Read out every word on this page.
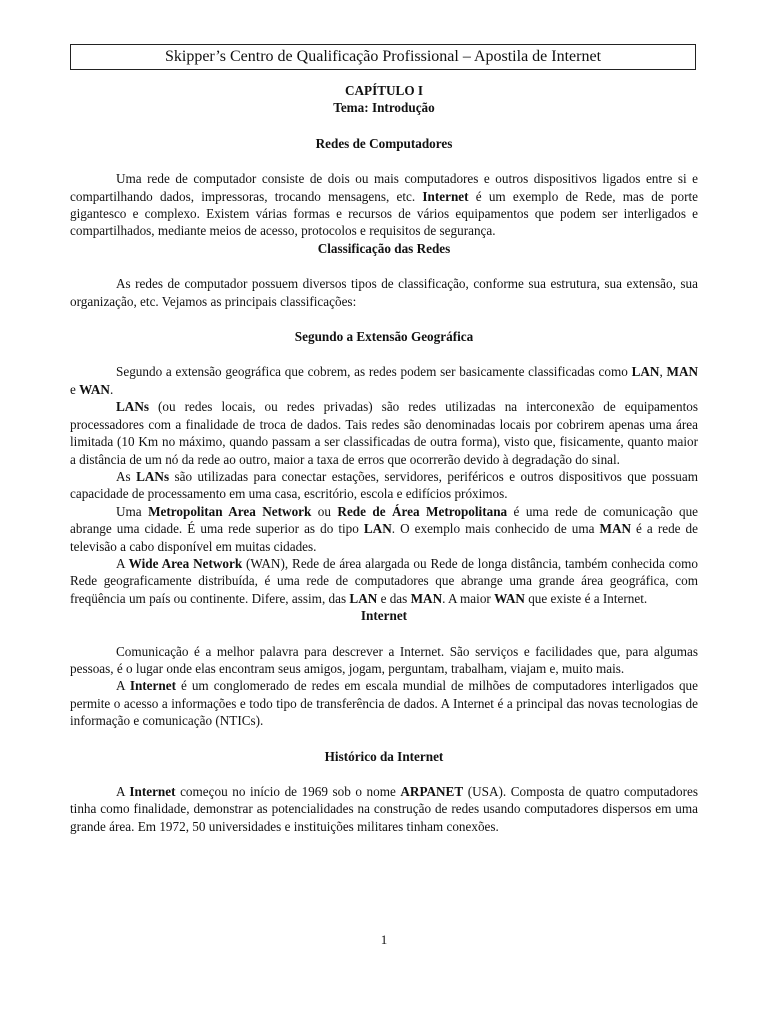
Skipper’s Centro de Qualificação Profissional – Apostila de Internet
CAPÍTULO I
Tema: Introdução
Redes de Computadores

Uma rede de computador consiste de dois ou mais computadores e outros dispositivos ligados entre si e compartilhando dados, impressoras, trocando mensagens, etc. Internet é um exemplo de Rede, mas de porte gigantesco e complexo. Existem várias formas e recursos de vários equipamentos que podem ser interligados e compartilhados, mediante meios de acesso, protocolos e requisitos de segurança.

Classificação das Redes

As redes de computador possuem diversos tipos de classificação, conforme sua estrutura, sua extensão, sua organização, etc. Vejamos as principais classificações:

Segundo a Extensão Geográfica

Segundo a extensão geográfica que cobrem, as redes podem ser basicamente classificadas como LAN, MAN e WAN.

LANs (ou redes locais, ou redes privadas) são redes utilizadas na interconexão de equipamentos processadores com a finalidade de troca de dados. Tais redes são denominadas locais por cobrirem apenas uma área limitada (10 Km no máximo, quando passam a ser classificadas de outra forma), visto que, fisicamente, quanto maior a distância de um nó da rede ao outro, maior a taxa de erros que ocorrerão devido à degradação do sinal.

As LANs são utilizadas para conectar estações, servidores, periféricos e outros dispositivos que possuam capacidade de processamento em uma casa, escritório, escola e edifícios próximos.

Uma Metropolitan Area Network ou Rede de Área Metropolitana é uma rede de comunicação que abrange uma cidade. É uma rede superior as do tipo LAN. O exemplo mais conhecido de uma MAN é a rede de televisão a cabo disponível em muitas cidades.

A Wide Area Network (WAN), Rede de área alargada ou Rede de longa distância, também conhecida como Rede geograficamente distribuída, é uma rede de computadores que abrange uma grande área geográfica, com freqüência um país ou continente. Difere, assim, das LAN e das MAN. A maior WAN que existe é a Internet.

Internet

Comunicação é a melhor palavra para descrever a Internet. São serviços e facilidades que, para algumas pessoas, é o lugar onde elas encontram seus amigos, jogam, perguntam, trabalham, viajam e, muito mais.

A Internet é um conglomerado de redes em escala mundial de milhões de computadores interligados que permite o acesso a informações e todo tipo de transferência de dados. A Internet é a principal das novas tecnologias de informação e comunicação (NTICs).

Histórico da Internet

A Internet começou no início de 1969 sob o nome ARPANET (USA). Composta de quatro computadores tinha como finalidade, demonstrar as potencialidades na construção de redes usando computadores dispersos em uma grande área. Em 1972, 50 universidades e instituições militares tinham conexões.

1
